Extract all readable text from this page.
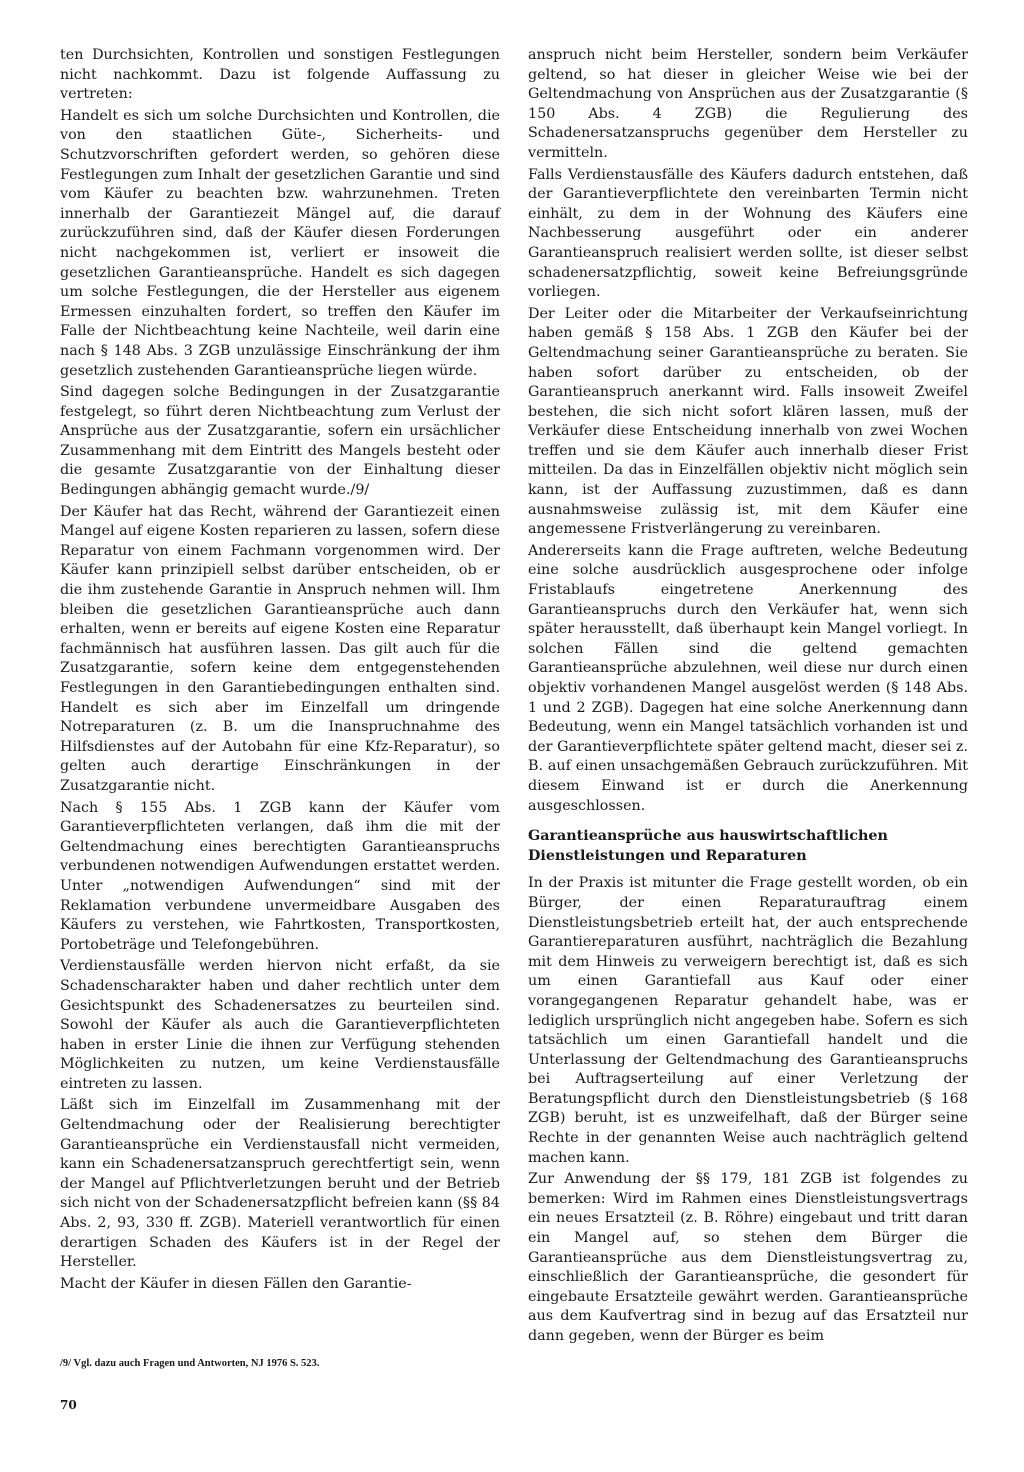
ten Durchsichten, Kontrollen und sonstigen Festlegungen nicht nachkommt. Dazu ist folgende Auffassung zu vertreten:

Handelt es sich um solche Durchsichten und Kontrollen, die von den staatlichen Güte-, Sicherheits- und Schutzvorschriften gefordert werden, so gehören diese Festlegungen zum Inhalt der gesetzlichen Garantie und sind vom Käufer zu beachten bzw. wahrzunehmen. Treten innerhalb der Garantiezeit Mängel auf, die darauf zurückzuführen sind, daß der Käufer diesen Forderungen nicht nachgekommen ist, verliert er insoweit die gesetzlichen Garantieansprüche. Handelt es sich dagegen um solche Festlegungen, die der Hersteller aus eigenem Ermessen einzuhalten fordert, so treffen den Käufer im Falle der Nichtbeachtung keine Nachteile, weil darin eine nach § 148 Abs. 3 ZGB unzulässige Einschränkung der ihm gesetzlich zustehenden Garantieansprüche liegen würde.

Sind dagegen solche Bedingungen in der Zusatzgarantie festgelegt, so führt deren Nichtbeachtung zum Verlust der Ansprüche aus der Zusatzgarantie, sofern ein ursächlicher Zusammenhang mit dem Eintritt des Mangels besteht oder die gesamte Zusatzgarantie von der Einhaltung dieser Bedingungen abhängig gemacht wurde./9/

Der Käufer hat das Recht, während der Garantiezeit einen Mangel auf eigene Kosten reparieren zu lassen, sofern diese Reparatur von einem Fachmann vorgenommen wird. Der Käufer kann prinzipiell selbst darüber entscheiden, ob er die ihm zustehende Garantie in Anspruch nehmen will. Ihm bleiben die gesetzlichen Garantieansprüche auch dann erhalten, wenn er bereits auf eigene Kosten eine Reparatur fachmännisch hat ausführen lassen. Das gilt auch für die Zusatzgarantie, sofern keine dem entgegenstehenden Festlegungen in den Garantiebedingungen enthalten sind. Handelt es sich aber im Einzelfall um dringende Notreparaturen (z. B. um die Inanspruchnahme des Hilfsdienstes auf der Autobahn für eine Kfz-Reparatur), so gelten auch derartige Einschränkungen in der Zusatzgarantie nicht.

Nach § 155 Abs. 1 ZGB kann der Käufer vom Garantieverpflichteten verlangen, daß ihm die mit der Geltendmachung eines berechtigten Garantieanspruchs verbundenen notwendigen Aufwendungen erstattet werden. Unter „notwendigen Aufwendungen“ sind mit der Reklamation verbundene unvermeidbare Ausgaben des Käufers zu verstehen, wie Fahrtkosten, Transportkosten, Portobeträge und Telefongebühren.

Verdienstausfälle werden hiervon nicht erfaßt, da sie Schadenscharakter haben und daher rechtlich unter dem Gesichtspunkt des Schadenersatzes zu beurteilen sind. Sowohl der Käufer als auch die Garantieverpflichteten haben in erster Linie die ihnen zur Verfügung stehenden Möglichkeiten zu nutzen, um keine Verdienstausfälle eintreten zu lassen.

Läßt sich im Einzelfall im Zusammenhang mit der Geltendmachung oder der Realisierung berechtigter Garantieansprüche ein Verdienstausfall nicht vermeiden, kann ein Schadenersatzanspruch gerechtfertigt sein, wenn der Mangel auf Pflichtverletzungen beruht und der Betrieb sich nicht von der Schadenersatzpflicht befreien kann (§§ 84 Abs. 2, 93, 330 ff. ZGB). Materiell verantwortlich für einen derartigen Schaden des Käufers ist in der Regel der Hersteller.

Macht der Käufer in diesen Fällen den Garantie-

anspruch nicht beim Hersteller, sondern beim Verkäufer geltend, so hat dieser in gleicher Weise wie bei der Geltendmachung von Ansprüchen aus der Zusatzgarantie (§ 150 Abs. 4 ZGB) die Regulierung des Schadenersatzanspruchs gegenüber dem Hersteller zu vermitteln.

Falls Verdienstausfälle des Käufers dadurch entstehen, daß der Garantieverpflichtete den vereinbarten Termin nicht einhält, zu dem in der Wohnung des Käufers eine Nachbesserung ausgeführt oder ein anderer Garantieanspruch realisiert werden sollte, ist dieser selbst schadenersatzpflichtig, soweit keine Befreiungsgründe vorliegen.

Der Leiter oder die Mitarbeiter der Verkaufseinrichtung haben gemäß § 158 Abs. 1 ZGB den Käufer bei der Geltendmachung seiner Garantieansprüche zu beraten. Sie haben sofort darüber zu entscheiden, ob der Garantieanspruch anerkannt wird. Falls insoweit Zweifel bestehen, die sich nicht sofort klären lassen, muß der Verkäufer diese Entscheidung innerhalb von zwei Wochen treffen und sie dem Käufer auch innerhalb dieser Frist mitteilen. Da das in Einzelfällen objektiv nicht möglich sein kann, ist der Auffassung zuzustimmen, daß es dann ausnahmsweise zulässig ist, mit dem Käufer eine angemessene Fristverlängerung zu vereinbaren.

Andererseits kann die Frage auftreten, welche Bedeutung eine solche ausdrücklich ausgesprochene oder infolge Fristablaufs eingetretene Anerkennung des Garantieanspruchs durch den Verkäufer hat, wenn sich später herausstellt, daß überhaupt kein Mangel vorliegt. In solchen Fällen sind die geltend gemachten Garantieansprüche abzulehnen, weil diese nur durch einen objektiv vorhandenen Mangel ausgelöst werden (§ 148 Abs. 1 und 2 ZGB). Dagegen hat eine solche Anerkennung dann Bedeutung, wenn ein Mangel tatsächlich vorhanden ist und der Garantieverpflichtete später geltend macht, dieser sei z. B. auf einen unsachgemäßen Gebrauch zurückzuführen. Mit diesem Einwand ist er durch die Anerkennung ausgeschlossen.

Garantieansprüche aus hauswirtschaftlichen Dienstleistungen und Reparaturen

In der Praxis ist mitunter die Frage gestellt worden, ob ein Bürger, der einen Reparaturauftrag einem Dienstleistungsbetrieb erteilt hat, der auch entsprechende Garantiereparaturen ausführt, nachträglich die Bezahlung mit dem Hinweis zu verweigern berechtigt ist, daß es sich um einen Garantiefall aus Kauf oder einer vorangegangenen Reparatur gehandelt habe, was er lediglich ursprünglich nicht angegeben habe. Sofern es sich tatsächlich um einen Garantiefall handelt und die Unterlassung der Geltendmachung des Garantieanspruchs bei Auftragserteilung auf einer Verletzung der Beratungspflicht durch den Dienstleistungsbetrieb (§ 168 ZGB) beruht, ist es unzweifelhaft, daß der Bürger seine Rechte in der genannten Weise auch nachträglich geltend machen kann.

Zur Anwendung der §§ 179, 181 ZGB ist folgendes zu bemerken: Wird im Rahmen eines Dienstleistungsvertrags ein neues Ersatzteil (z. B. Röhre) eingebaut und tritt daran ein Mangel auf, so stehen dem Bürger die Garantieansprüche aus dem Dienstleistungsvertrag zu, einschließlich der Garantieansprüche, die gesondert für eingebaute Ersatzteile gewährt werden. Garantieansprüche aus dem Kaufvertrag sind in bezug auf das Ersatzteil nur dann gegeben, wenn der Bürger es beim

/9/ Vgl. dazu auch Fragen und Antworten, NJ 1976 S. 523.

70
